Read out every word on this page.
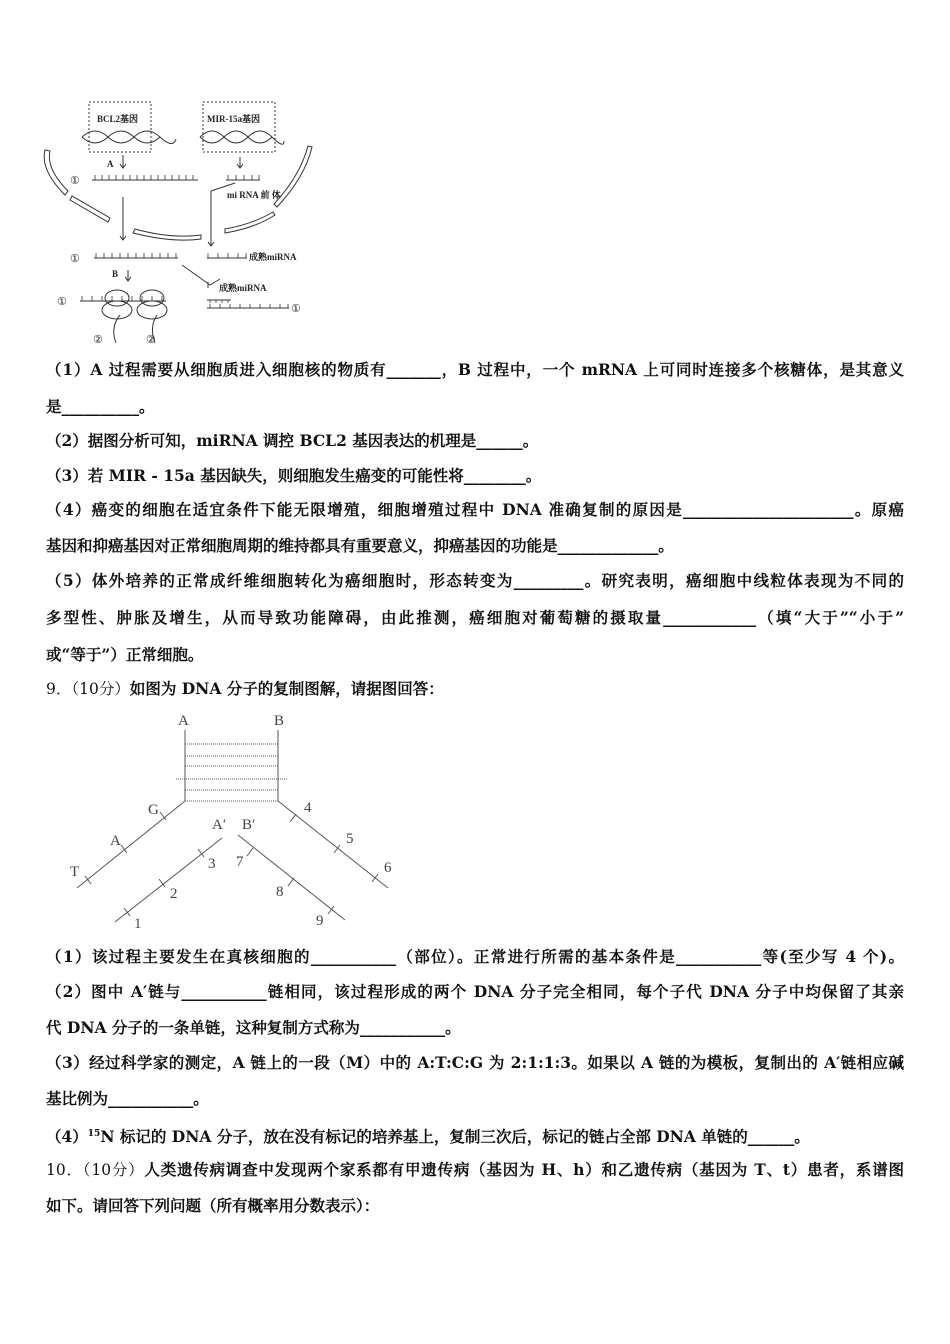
BCL2基因	MIR-15a基因
A
B
mi RNA 前 体
成熟miRNA
成熟miRNA
①
①
①
①
②	②
（1）A 过程需要从细胞质进入细胞核的物质有_______，B 过程中，一个 mRNA 上可同时连接多个核糖体，是其意义
是__________。
（2）据图分析可知，miRNA 调控 BCL2 基因表达的机理是______。
（3）若 MIR - 15a 基因缺失，则细胞发生癌变的可能性将________。
（4）癌变的细胞在适宜条件下能无限增殖，细胞增殖过程中 DNA 准确复制的原因是______________________。原癌
基因和抑癌基因对正常细胞周期的维持都具有重要意义，抑癌基因的功能是_____________。
（5）体外培养的正常成纤维细胞转化为癌细胞时，形态转变为_________。研究表明，癌细胞中线粒体表现为不同的
多型性、肿胀及增生，从而导致功能障碍，由此推测，癌细胞对葡萄糖的摄取量____________（填“大于”“小于”
或“等于”）正常细胞。
9．（10分）如图为 DNA 分子的复制图解，请据图回答：
A	B
A′ B′
G
A
T	3
2
1
7
8
9
4
5
6
（1）该过程主要发生在真核细胞的___________（部位）。正常进行所需的基本条件是___________等(至少写 4 个)。
（2）图中 A′链与___________链相同，该过程形成的两个 DNA 分子完全相同，每个子代 DNA 分子中均保留了其亲
代 DNA 分子的一条单链，这种复制方式称为___________。
（3）经过科学家的测定，A 链上的一段（M）中的 A:T:C:G 为 2:1:1:3。如果以 A 链的为模板，复制出的 A′链相应碱
基比例为___________。
$(4)^{15}N$ 标记的 DNA 分子，放在没有标记的培养基上，复制三次后，标记的链占全部 DNA 单链的______。
10．（10分）人类遗传病调查中发现两个家系都有甲遗传病（基因为 H、h）和乙遗传病（基因为 T、t）患者，系谱图
如下。请回答下列问题（所有概率用分数表示）：
